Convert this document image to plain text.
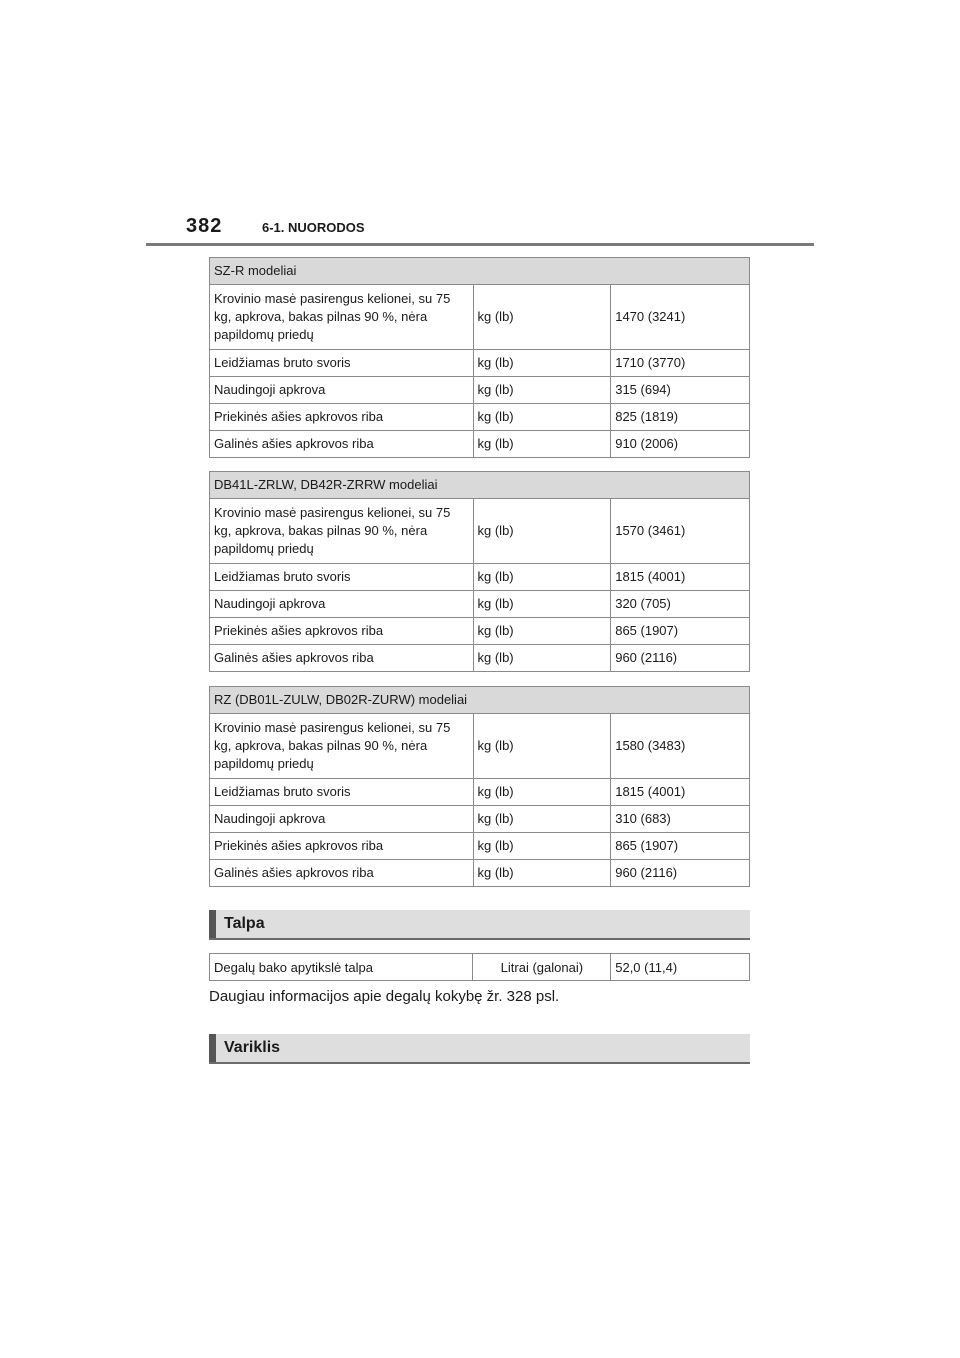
382	6-1. NUORODOS
SZ-R modeliai		
Krovinio masė pasirengus kelionei, su 75 kg, apkrova, bakas pilnas 90 %, nėra papildomų priedų	kg (lb)	1470 (3241)
Leidžiamas bruto svoris	kg (lb)	1710 (3770)
Naudingoji apkrova	kg (lb)	315 (694)
Priekinės ašies apkrovos riba	kg (lb)	825 (1819)
Galinės ašies apkrovos riba	kg (lb)	910 (2006)
DB41L-ZRLW, DB42R-ZRRW modeliai		
Krovinio masė pasirengus kelionei, su 75 kg, apkrova, bakas pilnas 90 %, nėra papildomų priedų	kg (lb)	1570 (3461)
Leidžiamas bruto svoris	kg (lb)	1815 (4001)
Naudingoji apkrova	kg (lb)	320 (705)
Priekinės ašies apkrovos riba	kg (lb)	865 (1907)
Galinės ašies apkrovos riba	kg (lb)	960 (2116)
RZ (DB01L-ZULW, DB02R-ZURW) modeliai		
Krovinio masė pasirengus kelionei, su 75 kg, apkrova, bakas pilnas 90 %, nėra papildomų priedų	kg (lb)	1580 (3483)
Leidžiamas bruto svoris	kg (lb)	1815 (4001)
Naudingoji apkrova	kg (lb)	310 (683)
Priekinės ašies apkrovos riba	kg (lb)	865 (1907)
Galinės ašies apkrovos riba	kg (lb)	960 (2116)
Talpa
Degalų bako apytikslė talpa	Litrai (galonai)	52,0 (11,4)
Daugiau informacijos apie degalų kokybę žr. 328 psl.
Variklis
